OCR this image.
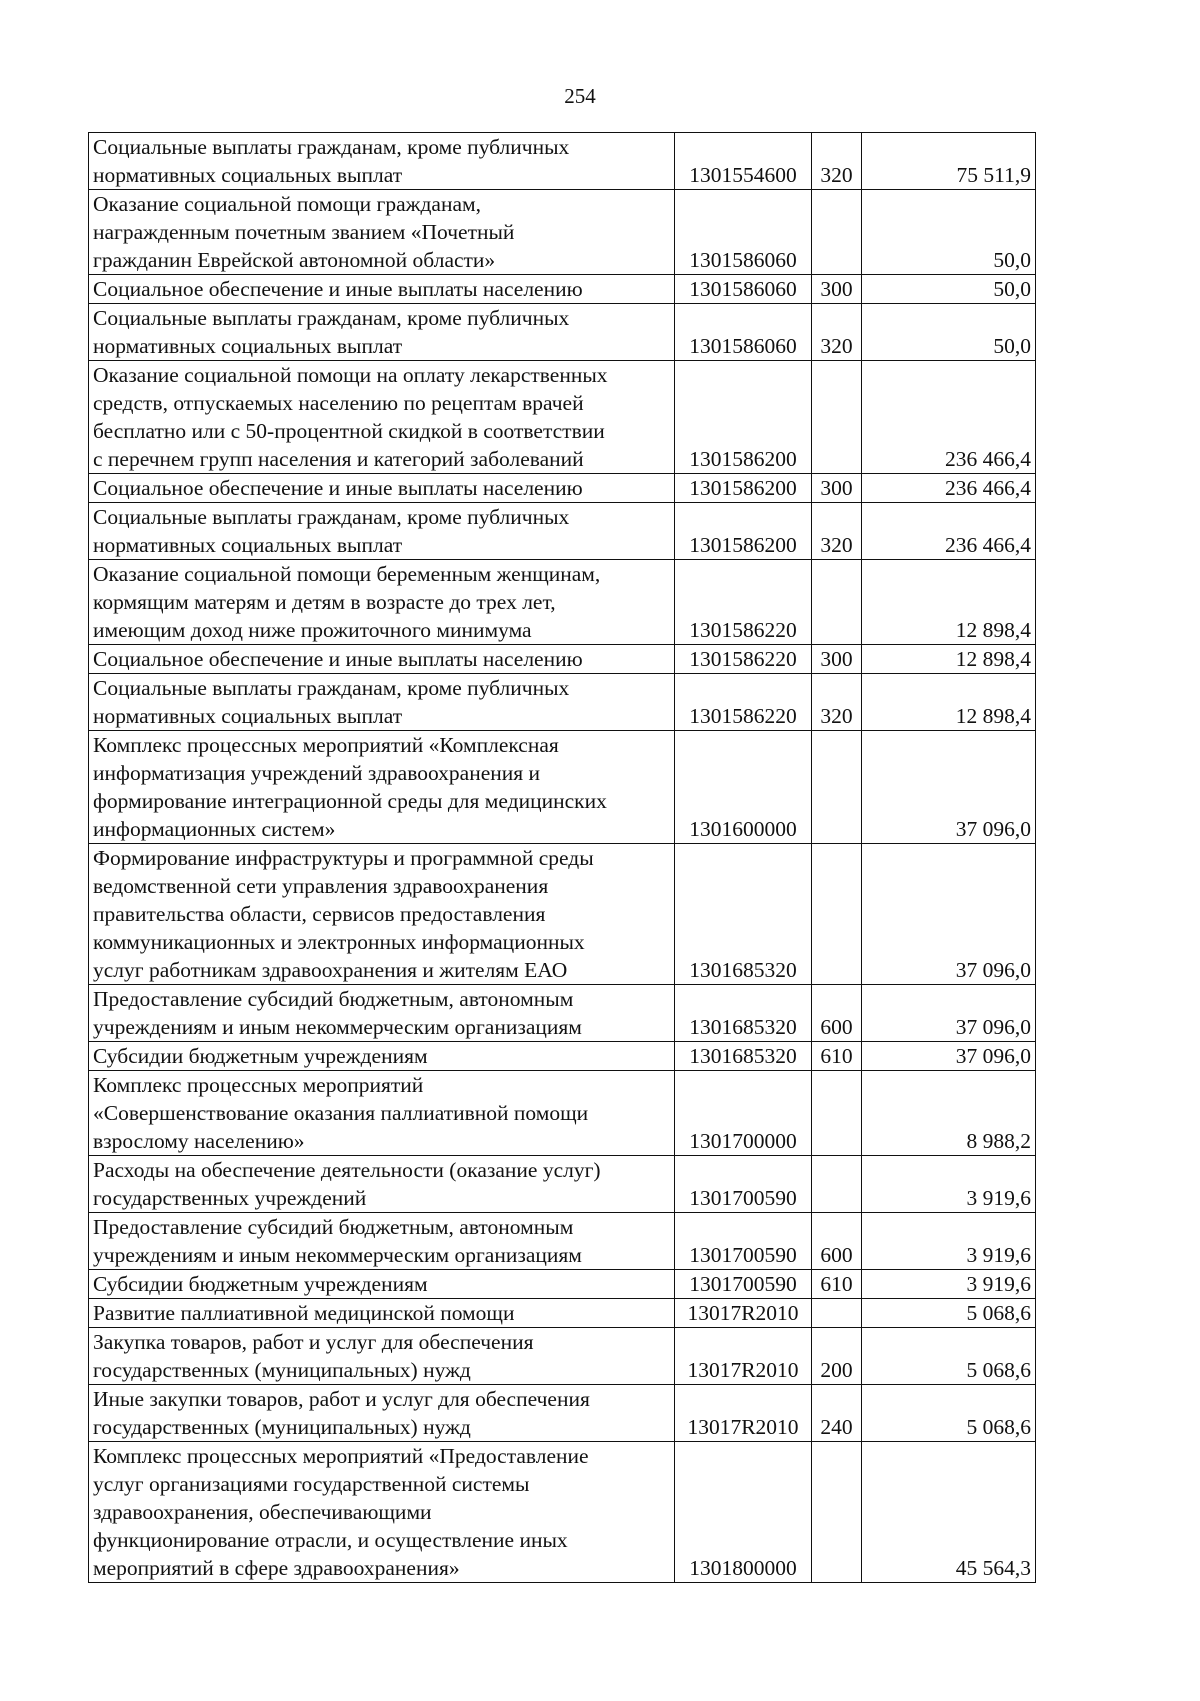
254
Социальные выплаты гражданам, кроме публичных
нормативных социальных выплат	1301554600	320	75 511,9
Оказание социальной помощи гражданам,
награжденным почетным званием «Почетный
гражданин Еврейской автономной области»	1301586060		50,0
Социальное обеспечение и иные выплаты населению	1301586060	300	50,0
Социальные выплаты гражданам, кроме публичных
нормативных социальных выплат	1301586060	320	50,0
Оказание социальной помощи на оплату лекарственных
средств, отпускаемых населению по рецептам врачей
бесплатно или с 50-процентной скидкой в соответствии
с перечнем групп населения и категорий заболеваний	1301586200		236 466,4
Социальное обеспечение и иные выплаты населению	1301586200	300	236 466,4
Социальные выплаты гражданам, кроме публичных
нормативных социальных выплат	1301586200	320	236 466,4
Оказание социальной помощи беременным женщинам,
кормящим матерям и детям в возрасте до трех лет,
имеющим доход ниже прожиточного минимума	1301586220		12 898,4
Социальное обеспечение и иные выплаты населению	1301586220	300	12 898,4
Социальные выплаты гражданам, кроме публичных
нормативных социальных выплат	1301586220	320	12 898,4
Комплекс процессных мероприятий «Комплексная
информатизация учреждений здравоохранения и
формирование интеграционной среды для медицинских
информационных систем»	1301600000		37 096,0
Формирование инфраструктуры и программной среды
ведомственной сети управления здравоохранения
правительства области, сервисов предоставления
коммуникационных и электронных информационных
услуг работникам здравоохранения и жителям ЕАО	1301685320		37 096,0
Предоставление субсидий бюджетным, автономным
учреждениям и иным некоммерческим организациям	1301685320	600	37 096,0
Субсидии бюджетным учреждениям	1301685320	610	37 096,0
Комплекс процессных мероприятий
«Совершенствование оказания паллиативной помощи
взрослому населению»	1301700000		8 988,2
Расходы на обеспечение деятельности (оказание услуг)
государственных учреждений	1301700590		3 919,6
Предоставление субсидий бюджетным, автономным
учреждениям и иным некоммерческим организациям	1301700590	600	3 919,6
Субсидии бюджетным учреждениям	1301700590	610	3 919,6
Развитие паллиативной медицинской помощи	13017R2010		5 068,6
Закупка товаров, работ и услуг для обеспечения
государственных (муниципальных) нужд	13017R2010	200	5 068,6
Иные закупки товаров, работ и услуг для обеспечения
государственных (муниципальных) нужд	13017R2010	240	5 068,6
Комплекс процессных мероприятий «Предоставление
услуг организациями государственной системы
здравоохранения, обеспечивающими
функционирование отрасли, и осуществление иных
мероприятий в сфере здравоохранения»	1301800000		45 564,3
